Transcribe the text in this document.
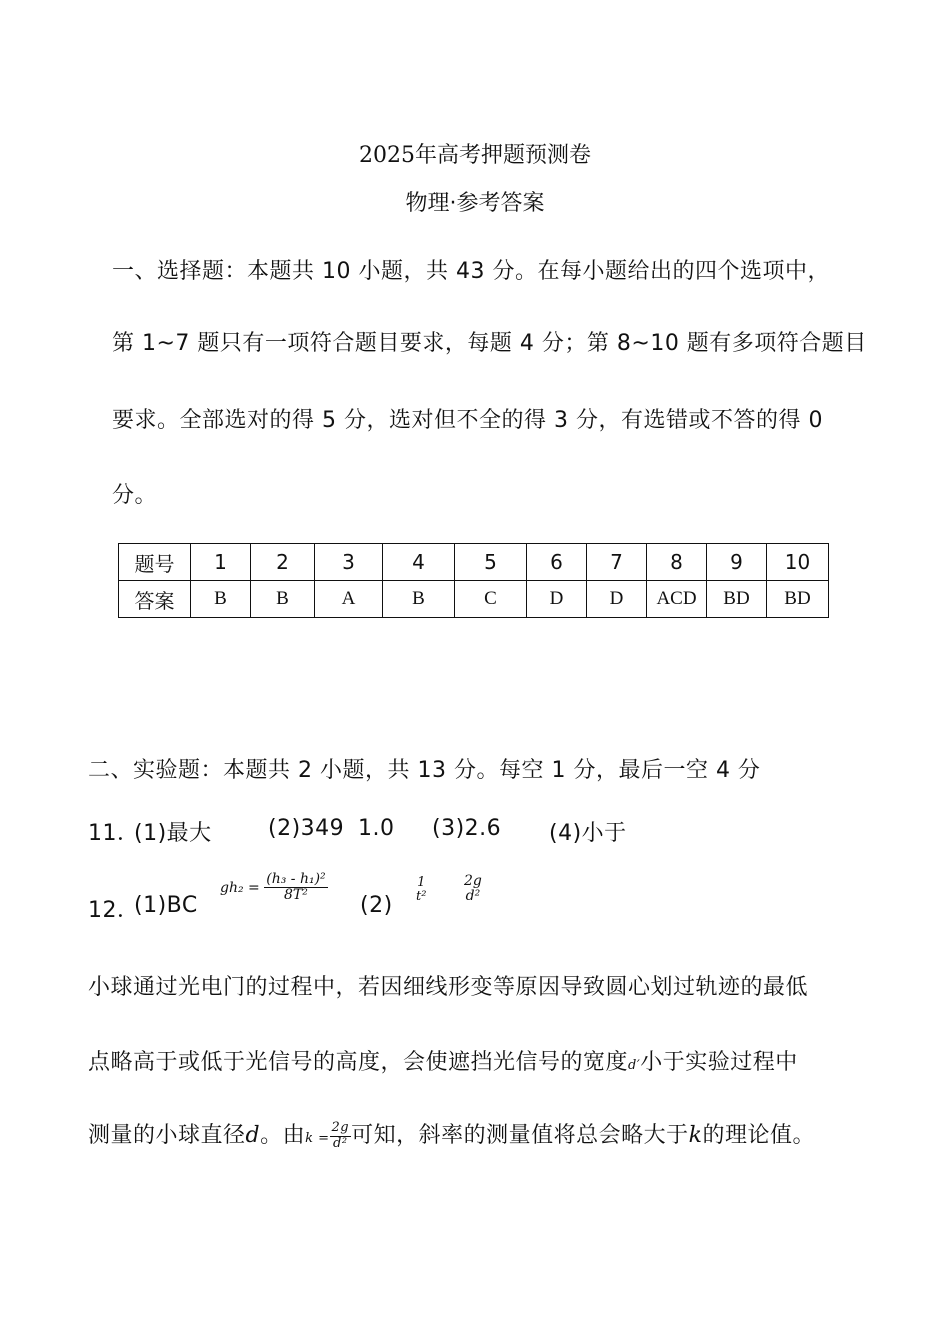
2025年高考押题预测卷
物理·参考答案
一、选择题：本题共 10 小题，共 43 分。在每小题给出的四个选项中，
第 1~7 题只有一项符合题目要求，每题 4 分；第 8~10 题有多项符合题目
要求。全部选对的得 5 分，选对但不全的得 3 分，有选错或不答的得 0
分。
题号	1	2	3	4	5	6	7	8	9	10
答案	B	B	A	B	C	D	D	ACD	BD	BD
二、实验题：本题共 2 小题，共 13 分。每空 1 分，最后一空 4 分
11．
(1)最大	(2)349 1.0 (3)2.6 (4)小于
12．
(1)BC
$gh_2 = \frac{\text{(h₃ - h₁)²}}{\text{8T²}}$
(2)
1
t²
2g
d²
小球通过光电门的过程中，若因细线形变等原因导致圆心划过轨迹的最低
点略高于或低于光信号的高度，会使遮挡光信号的宽度d′小于实验过程中
测量的小球直径d。由$k = \frac{2g}{\text{d²}}$ 可知，斜率的测量值将总会略大于k的理论值。
